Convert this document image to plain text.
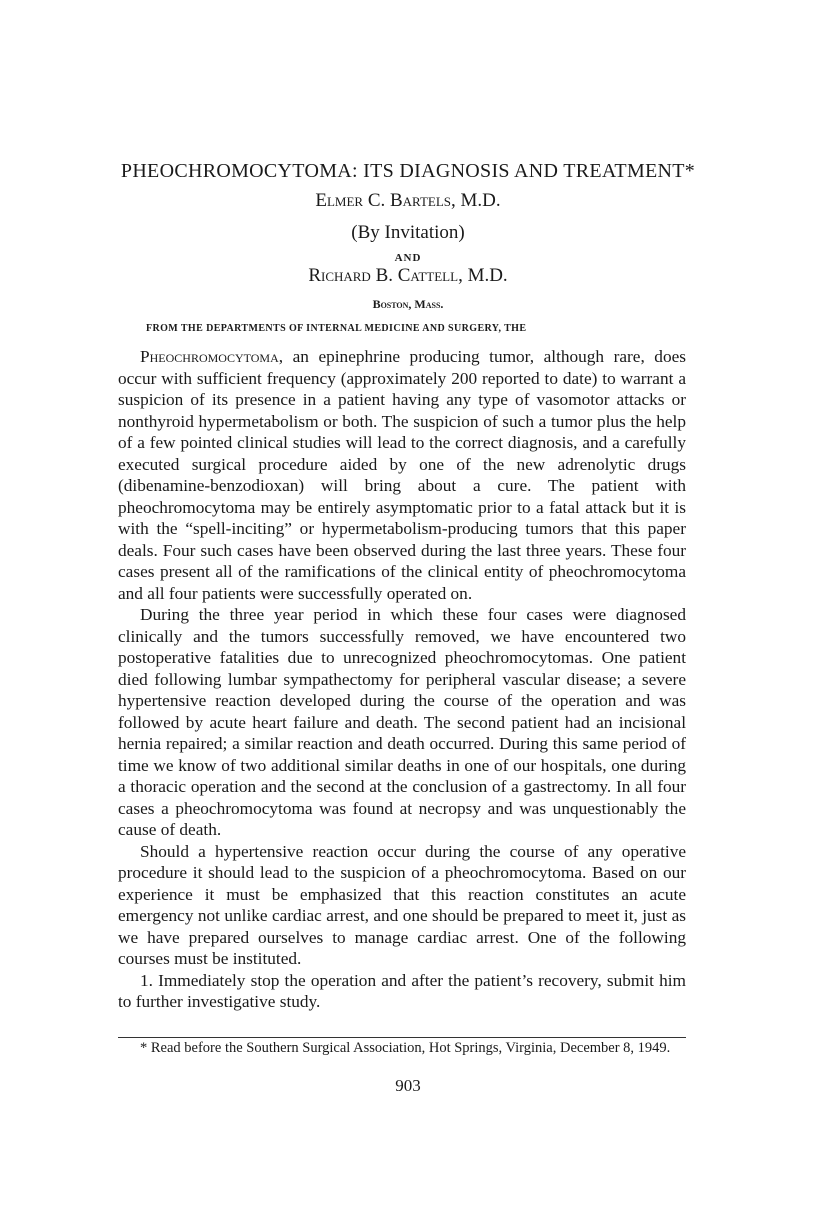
PHEOCHROMOCYTOMA: ITS DIAGNOSIS AND TREATMENT*
Elmer C. Bartels, M.D.
(By Invitation)
AND
Richard B. Cattell, M.D.
Boston, Mass.
FROM THE DEPARTMENTS OF INTERNAL MEDICINE AND SURGERY, THE

Pheochromocytoma, an epinephrine producing tumor, although rare, does occur with sufficient frequency (approximately 200 reported to date) to warrant a suspicion of its presence in a patient having any type of vasomotor attacks or nonthyroid hypermetabolism or both. The suspicion of such a tumor plus the help of a few pointed clinical studies will lead to the correct diagnosis, and a carefully executed surgical procedure aided by one of the new adrenolytic drugs (dibenamine-benzodioxan) will bring about a cure. The patient with pheochromocytoma may be entirely asymptomatic prior to a fatal attack but it is with the “spell-inciting” or hypermetabolism-producing tumors that this paper deals. Four such cases have been observed during the last three years. These four cases present all of the ramifications of the clinical entity of pheochromocytoma and all four patients were successfully operated on.

During the three year period in which these four cases were diagnosed clinically and the tumors successfully removed, we have encountered two postoperative fatalities due to unrecognized pheochromocytomas. One patient died following lumbar sympathectomy for peripheral vascular disease; a severe hypertensive reaction developed during the course of the operation and was followed by acute heart failure and death. The second patient had an incisional hernia repaired; a similar reaction and death occurred. During this same period of time we know of two additional similar deaths in one of our hospitals, one during a thoracic operation and the second at the conclusion of a gastrectomy. In all four cases a pheochromocytoma was found at necropsy and was unquestionably the cause of death.

Should a hypertensive reaction occur during the course of any operative procedure it should lead to the suspicion of a pheochromocytoma. Based on our experience it must be emphasized that this reaction constitutes an acute emergency not unlike cardiac arrest, and one should be prepared to meet it, just as we have prepared ourselves to manage cardiac arrest. One of the following courses must be instituted.

1. Immediately stop the operation and after the patient’s recovery, submit him to further investigative study.

* Read before the Southern Surgical Association, Hot Springs, Virginia, December 8, 1949.
903
